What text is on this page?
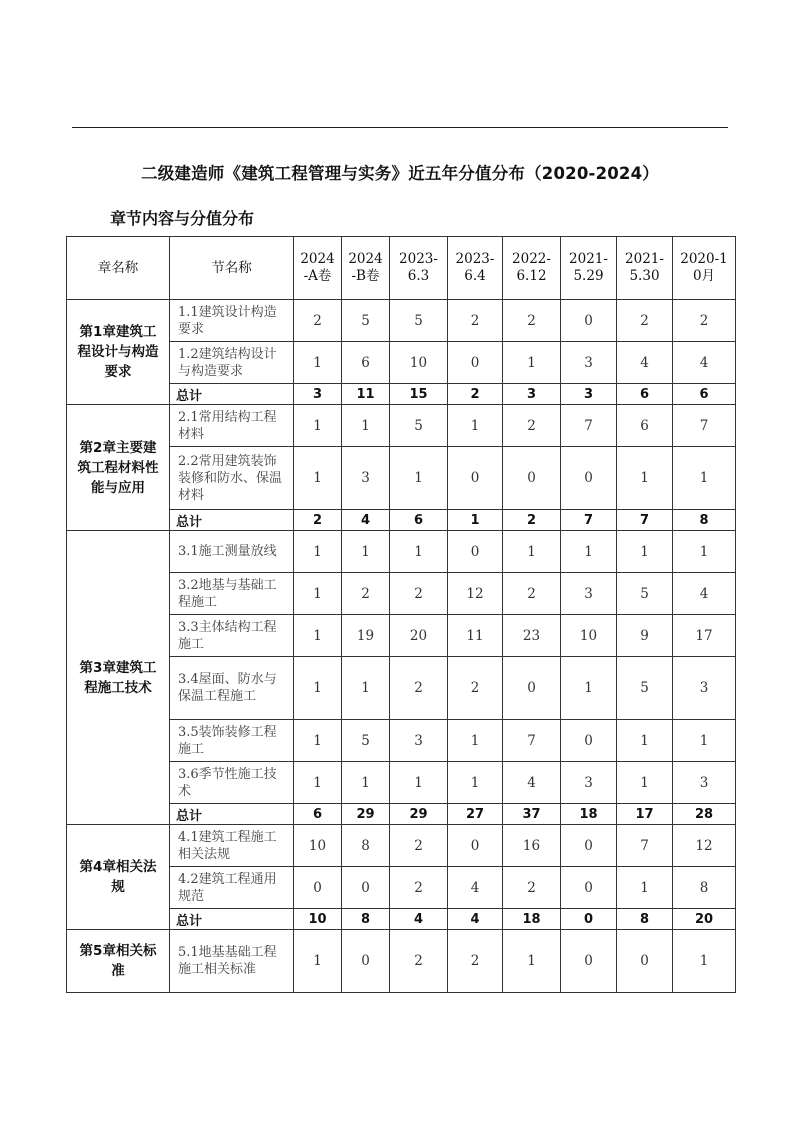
二级建造师《建筑工程管理与实务》近五年分值分布（2020-2024）
章节内容与分值分布
章名称	节名称	2024-A卷	2024-B卷	2023-6.3	2023-6.4	2022-6.12	2021-5.29	2021-5.30	2020-10月
第1章建筑工程设计与构造要求	1.1建筑设计构造要求	2	5	5	2	2	0	2	2
	1.2建筑结构设计与构造要求	1	6	10	0	1	3	4	4
	总计	3	11	15	2	3	3	6	6
第2章主要建筑工程材料性能与应用	2.1常用结构工程材料	1	1	5	1	2	7	6	7
	2.2常用建筑装饰装修和防水、保温材料	1	3	1	0	0	0	1	1
	总计	2	4	6	1	2	7	7	8
第3章建筑工程施工技术	3.1施工测量放线	1	1	1	0	1	1	1	1
	3.2地基与基础工程施工	1	2	2	12	2	3	5	4
	3.3主体结构工程施工	1	19	20	11	23	10	9	17
	3.4屋面、防水与保温工程施工	1	1	2	2	0	1	5	3
	3.5装饰装修工程施工	1	5	3	1	7	0	1	1
	3.6季节性施工技术	1	1	1	1	4	3	1	3
	总计	6	29	29	27	37	18	17	28
第4章相关法规	4.1建筑工程施工相关法规	10	8	2	0	16	0	7	12
	4.2建筑工程通用规范	0	0	2	4	2	0	1	8
	总计	10	8	4	4	18	0	8	20
第5章相关标准	5.1地基基础工程施工相关标准	1	0	2	2	1	0	0	1
